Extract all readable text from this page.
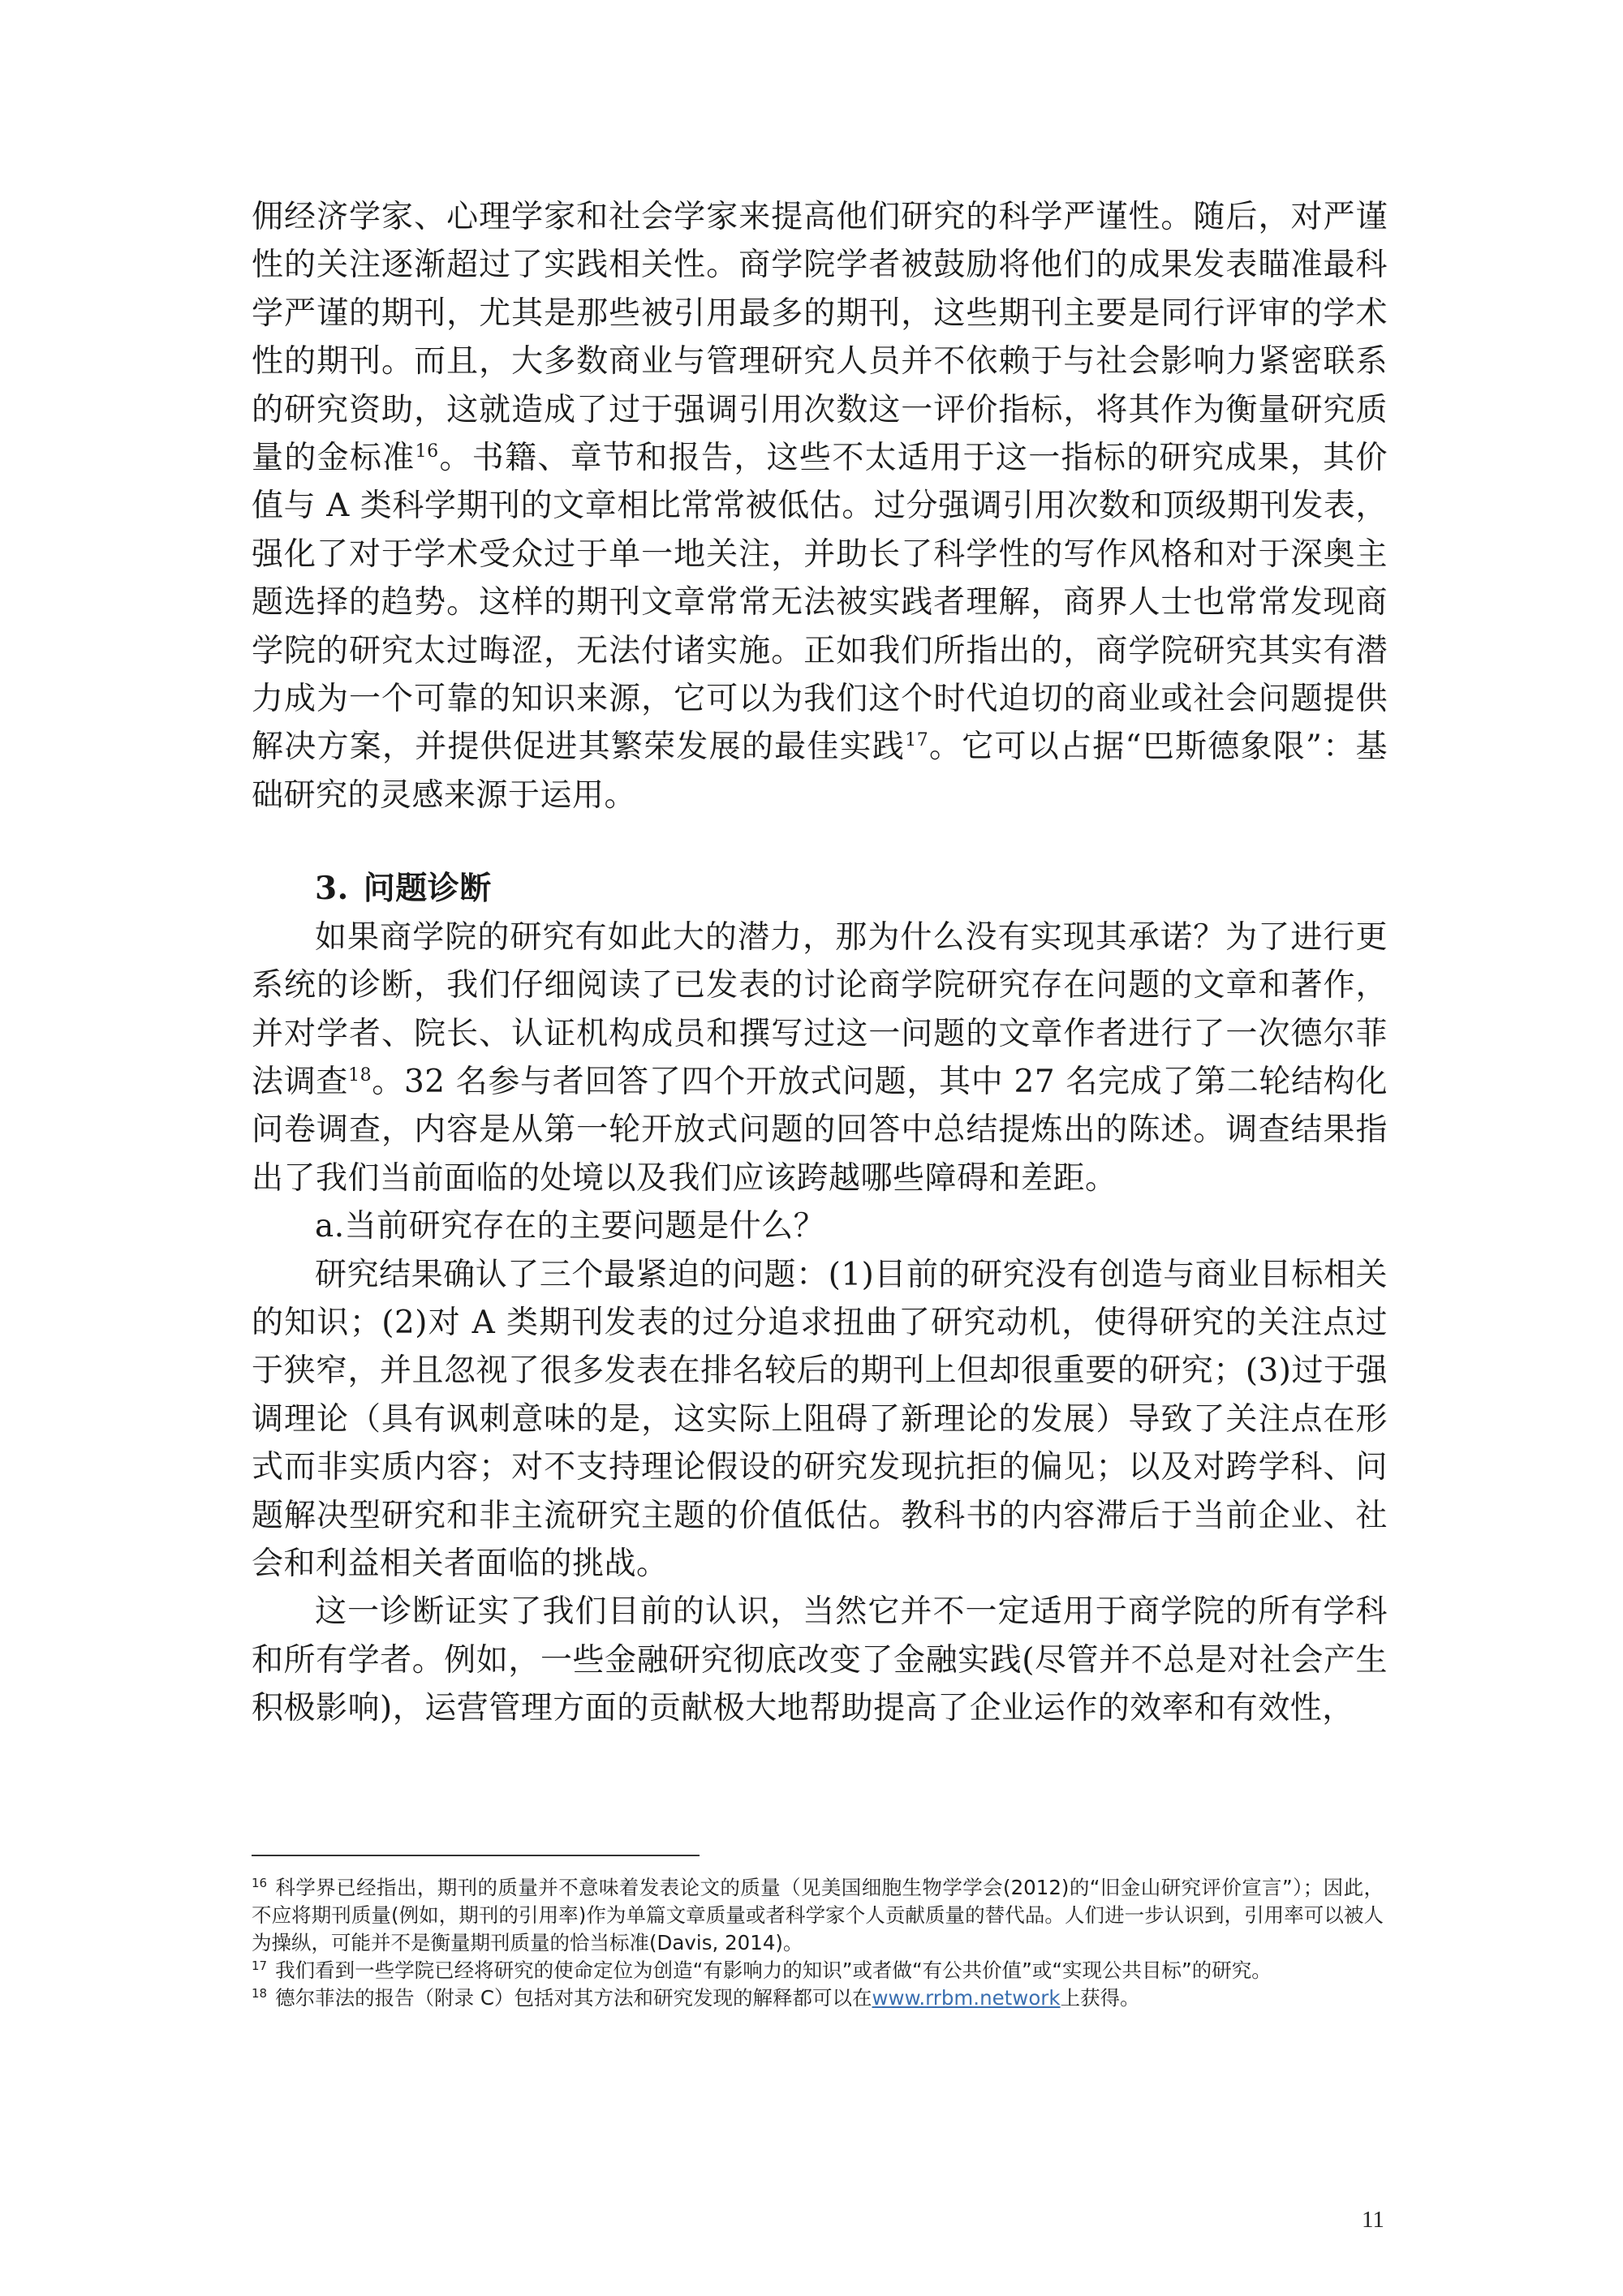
佣经济学家、心理学家和社会学家来提高他们研究的科学严谨性。随后，对严谨性的关注逐渐超过了实践相关性。商学院学者被鼓励将他们的成果发表瞄准最科学严谨的期刊，尤其是那些被引用最多的期刊，这些期刊主要是同行评审的学术性的期刊。而且，大多数商业与管理研究人员并不依赖于与社会影响力紧密联系的研究资助，这就造成了过于强调引用次数这一评价指标，将其作为衡量研究质量的金标准$^{16}$。书籍、章节和报告，这些不太适用于这一指标的研究成果，其价值与 A 类科学期刊的文章相比常常被低估。过分强调引用次数和顶级期刊发表，强化了对于学术受众过于单一地关注，并助长了科学性的写作风格和对于深奥主题选择的趋势。这样的期刊文章常常无法被实践者理解，商界人士也常常发现商学院的研究太过晦涩，无法付诸实施。正如我们所指出的，商学院研究其实有潜力成为一个可靠的知识来源，它可以为我们这个时代迫切的商业或社会问题提供解决方案，并提供促进其繁荣发展的最佳实践$^{17}$。它可以占据“巴斯德象限”：基础研究的灵感来源于运用。

3. 问题诊断

如果商学院的研究有如此大的潜力，那为什么没有实现其承诺？为了进行更系统的诊断，我们仔细阅读了已发表的讨论商学院研究存在问题的文章和著作，并对学者、院长、认证机构成员和撰写过这一问题的文章作者进行了一次德尔菲法调查$^{18}$。32 名参与者回答了四个开放式问题，其中 27 名完成了第二轮结构化问卷调查，内容是从第一轮开放式问题的回答中总结提炼出的陈述。调查结果指出了我们当前面临的处境以及我们应该跨越哪些障碍和差距。

a.当前研究存在的主要问题是什么？

研究结果确认了三个最紧迫的问题：(1)目前的研究没有创造与商业目标相关的知识；(2)对 A 类期刊发表的过分追求扭曲了研究动机，使得研究的关注点过于狭窄，并且忽视了很多发表在排名较后的期刊上但却很重要的研究；(3)过于强调理论（具有讽刺意味的是，这实际上阻碍了新理论的发展）导致了关注点在形式而非实质内容；对不支持理论假设的研究发现抗拒的偏见；以及对跨学科、问题解决型研究和非主流研究主题的价值低估。教科书的内容滞后于当前企业、社会和利益相关者面临的挑战。

这一诊断证实了我们目前的认识，当然它并不一定适用于商学院的所有学科和所有学者。例如，一些金融研究彻底改变了金融实践(尽管并不总是对社会产生积极影响)，运营管理方面的贡献极大地帮助提高了企业运作的效率和有效性，

$^{16}$ 科学界已经指出，期刊的质量并不意味着发表论文的质量（见美国细胞生物学学会(2012)的“旧金山研究评价宣言”）；因此，不应将期刊质量(例如，期刊的引用率)作为单篇文章质量或者科学家个人贡献质量的替代品。人们进一步认识到，引用率可以被人为操纵，可能并不是衡量期刊质量的恰当标准(Davis, 2014)。

$^{17}$ 我们看到一些学院已经将研究的使命定位为创造“有影响力的知识”或者做“有公共价值”或“实现公共目标”的研究。

$^{18}$ 德尔菲法的报告（附录 C）包括对其方法和研究发现的解释都可以在www.rrbm.network上获得。

11
